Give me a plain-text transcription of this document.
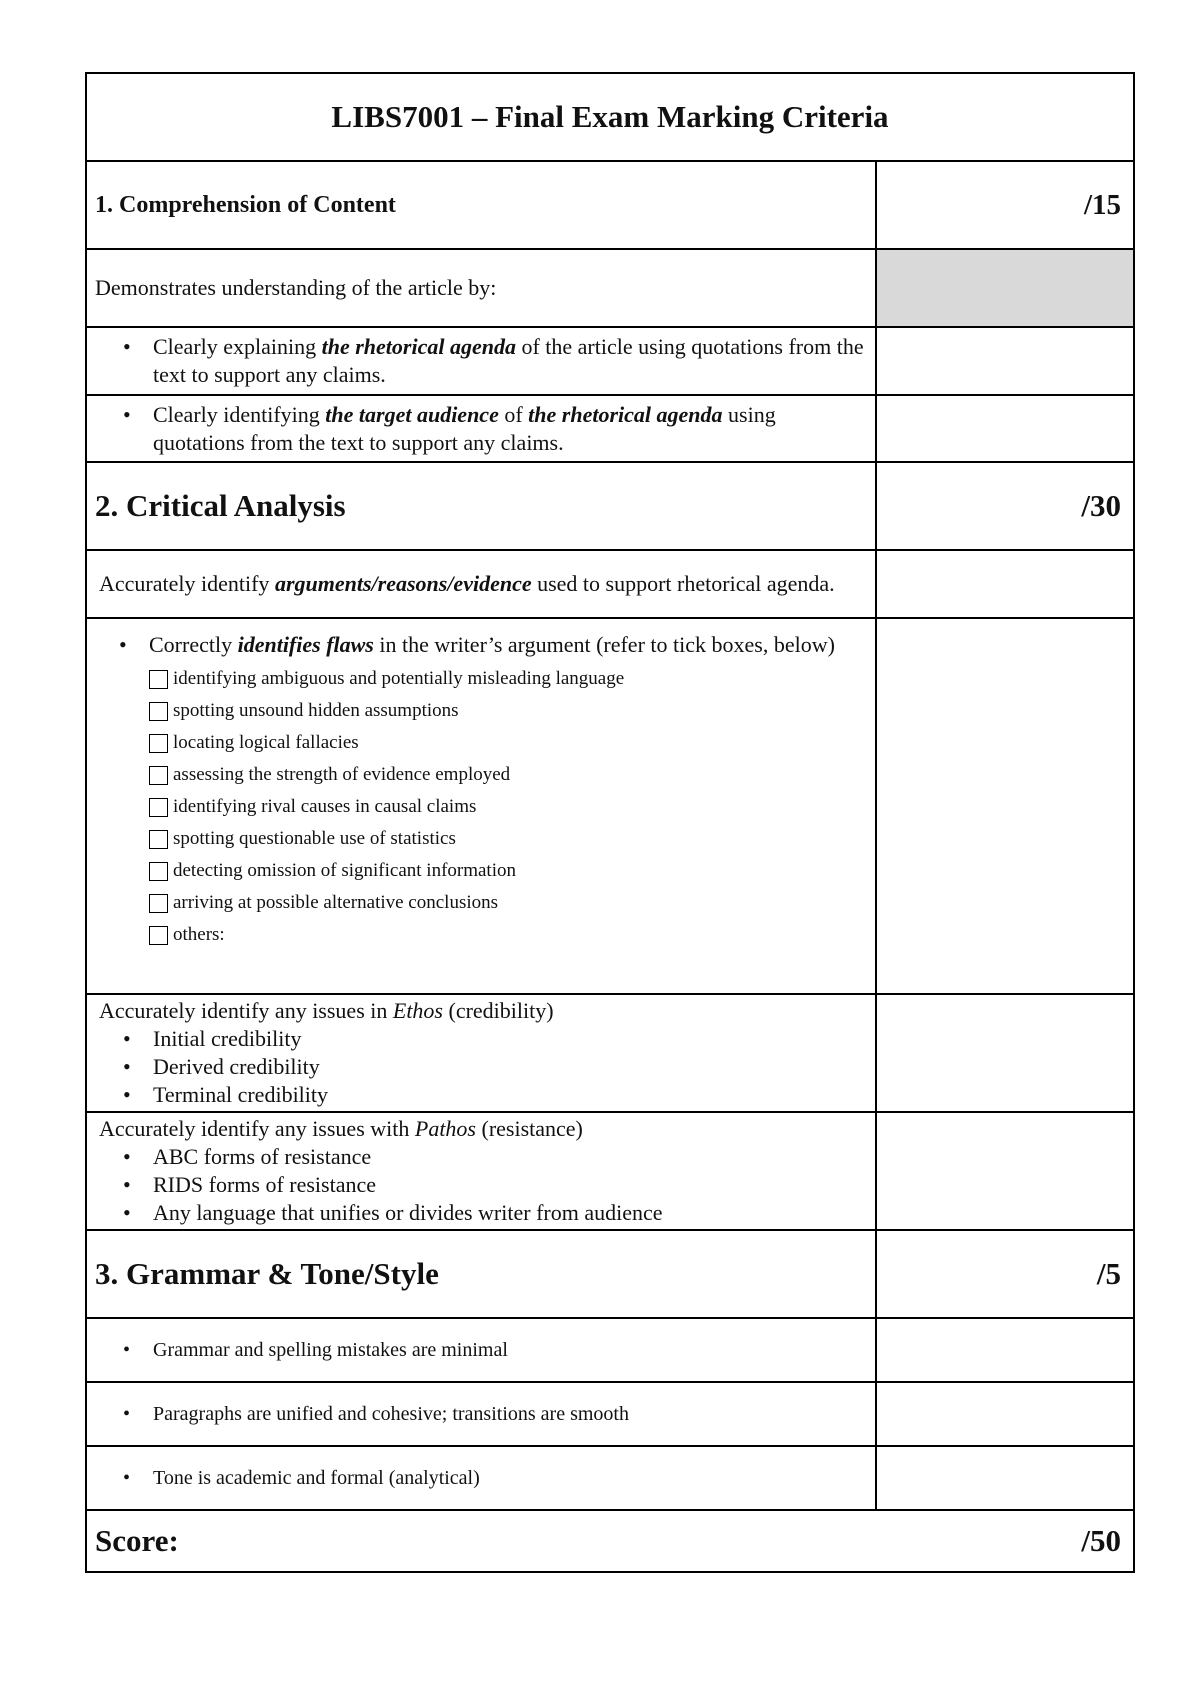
LIBS7001 – Final Exam Marking Criteria
1. Comprehension of Content	/15
Demonstrates understanding of the article by:
•	Clearly explaining the rhetorical agenda of the article using quotations from the text to support any claims.
•	Clearly identifying the target audience of the rhetorical agenda using quotations from the text to support any claims.
2. Critical Analysis	/30
Accurately identify arguments/reasons/evidence used to support rhetorical agenda.
•	Correctly identifies flaws in the writer’s argument (refer to tick boxes, below)
identifying ambiguous and potentially misleading language
spotting unsound hidden assumptions
locating logical fallacies
assessing the strength of evidence employed
identifying rival causes in causal claims
spotting questionable use of statistics
detecting omission of significant information
arriving at possible alternative conclusions
others:
Accurately identify any issues in Ethos (credibility)
•	Initial credibility
•	Derived credibility
•	Terminal credibility
Accurately identify any issues with Pathos (resistance)
•	ABC forms of resistance
•	RIDS forms of resistance
•	Any language that unifies or divides writer from audience
3. Grammar & Tone/Style	/5
•	Grammar and spelling mistakes are minimal
•	Paragraphs are unified and cohesive; transitions are smooth
•	Tone is academic and formal (analytical)
Score:	/50
